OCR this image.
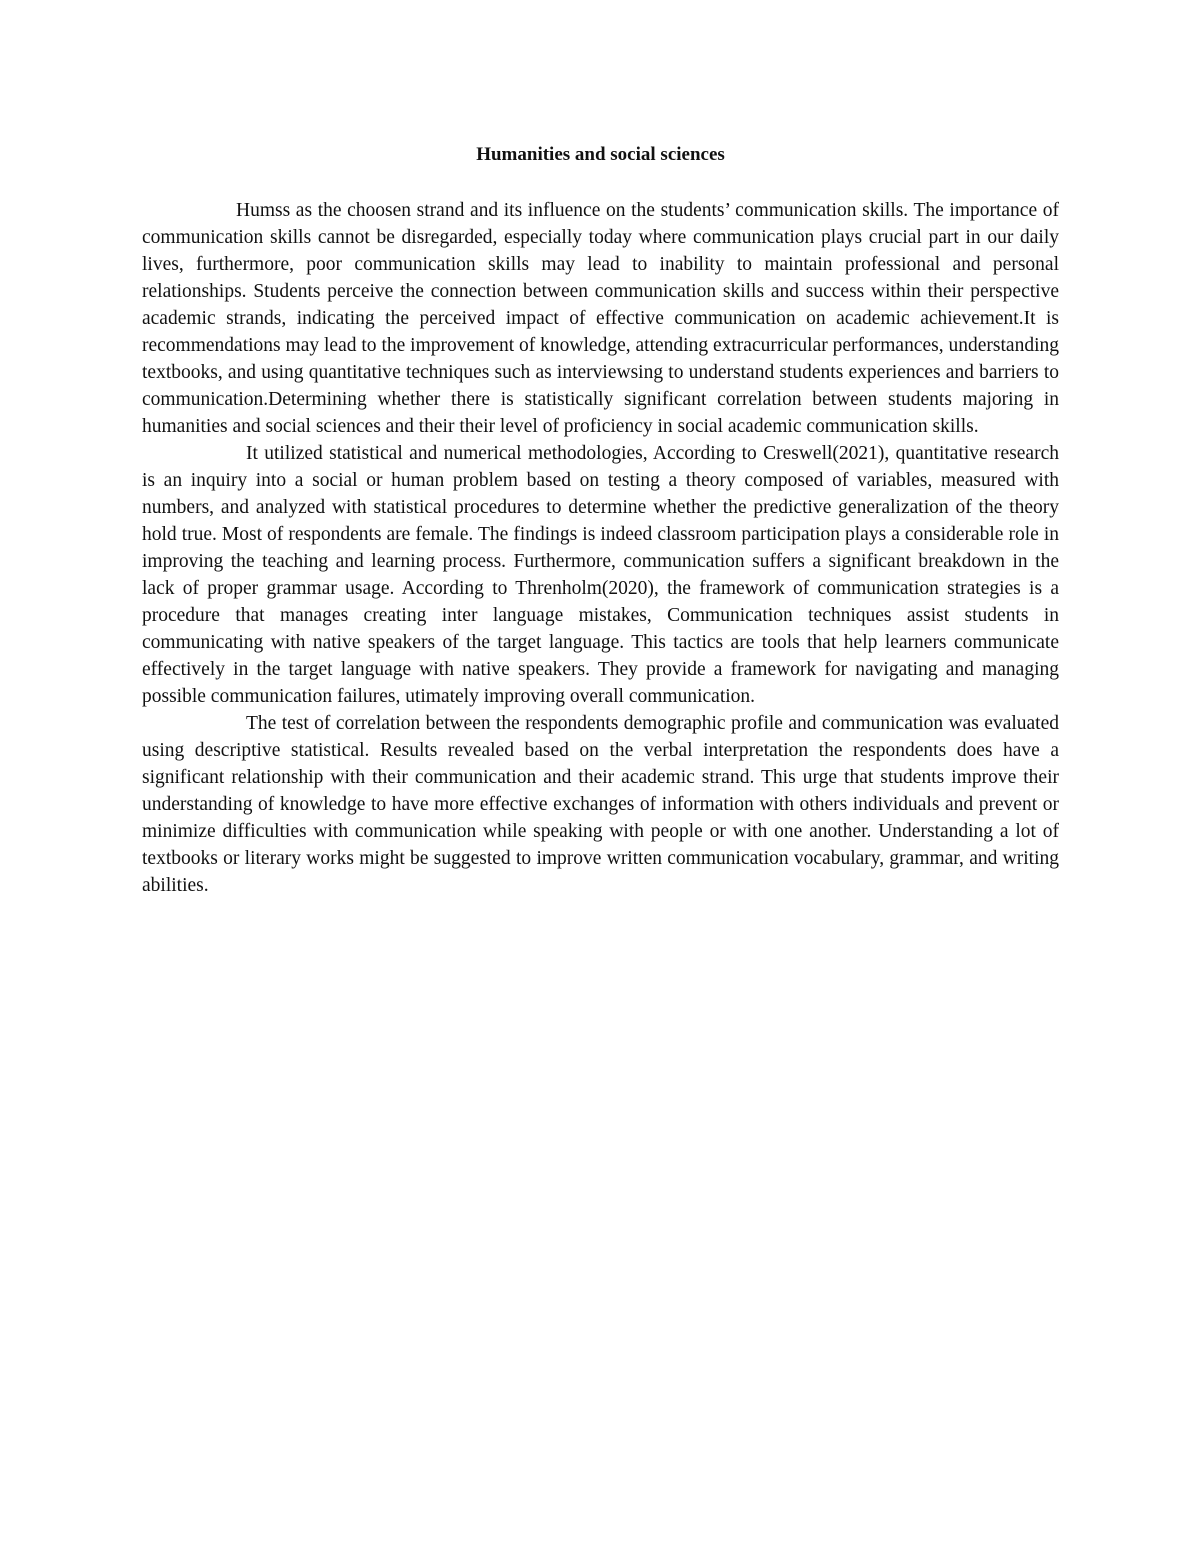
Humanities and social sciences

Humss as the choosen strand and its influence on the students’ communication skills. The importance of communication skills cannot be disregarded, especially today where communication plays crucial part in our daily lives, furthermore, poor communication skills may lead to inability to maintain professional and personal relationships. Students perceive the connection between communication skills and success within their perspective academic strands, indicating the perceived impact of effective communication on academic achievement.It is recommendations may lead to the improvement of knowledge, attending extracurricular performances, understanding textbooks, and using quantitative techniques such as interviewsing to understand students experiences and barriers to communication.Determining whether there is statistically significant correlation between students majoring in humanities and social sciences and their their level of proficiency in social academic communication skills.

It utilized statistical and numerical methodologies, According to Creswell(2021), quantitative research is an inquiry into a social or human problem based on testing a theory composed of variables, measured with numbers, and analyzed with statistical procedures to determine whether the predictive generalization of the theory hold true. Most of respondents are female. The findings is indeed classroom participation plays a considerable role in improving the teaching and learning process. Furthermore, communication suffers a significant breakdown in the lack of proper grammar usage. According to Threnholm(2020), the framework of communication strategies is a procedure that manages creating inter language mistakes, Communication techniques assist students in communicating with native speakers of the target language. This tactics are tools that help learners communicate effectively in the target language with native speakers. They provide a framework for navigating and managing possible communication failures, utimately improving overall communication.

The test of correlation between the respondents demographic profile and communication was evaluated using descriptive statistical. Results revealed based on the verbal interpretation the respondents does have a significant relationship with their communication and their academic strand. This urge that students improve their understanding of knowledge to have more effective exchanges of information with others individuals and prevent or minimize difficulties with communication while speaking with people or with one another. Understanding a lot of textbooks or literary works might be suggested to improve written communication vocabulary, grammar, and writing abilities.
